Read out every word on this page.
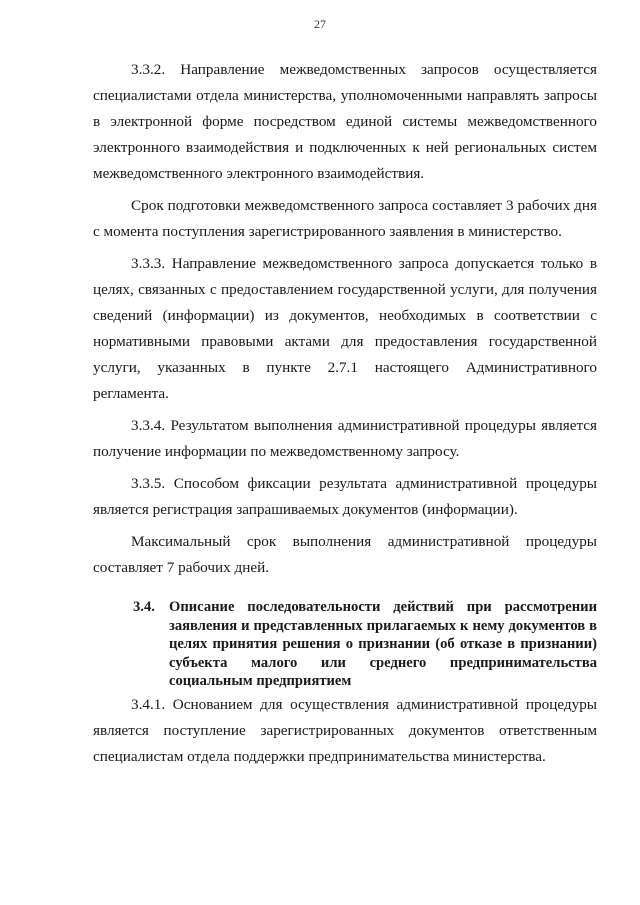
27

3.3.2. Направление межведомственных запросов осуществляется специалистами отдела министерства, уполномоченными направлять запросы в электронной форме посредством единой системы межведомственного электронного взаимодействия и подключенных к ней региональных систем межведомственного электронного взаимодействия.

Срок подготовки межведомственного запроса составляет 3 рабочих дня с момента поступления зарегистрированного заявления в министерство.

3.3.3. Направление межведомственного запроса допускается только в целях, связанных с предоставлением государственной услуги, для получения сведений (информации) из документов, необходимых в соответствии с нормативными правовыми актами для предоставления государственной услуги, указанных в пункте 2.7.1 настоящего Административного регламента.

3.3.4. Результатом выполнения административной процедуры является получение информации по межведомственному запросу.

3.3.5. Способом фиксации результата административной процедуры является регистрация запрашиваемых документов (информации).

Максимальный срок выполнения административной процедуры составляет 7 рабочих дней.

3.4. Описание последовательности действий при рассмотрении заявления и представленных прилагаемых к нему документов в целях принятия решения о признании (об отказе в признании) субъекта малого или среднего предпринимательства социальным предприятием

3.4.1. Основанием для осуществления административной процедуры является поступление зарегистрированных документов ответственным специалистам отдела поддержки предпринимательства министерства.
